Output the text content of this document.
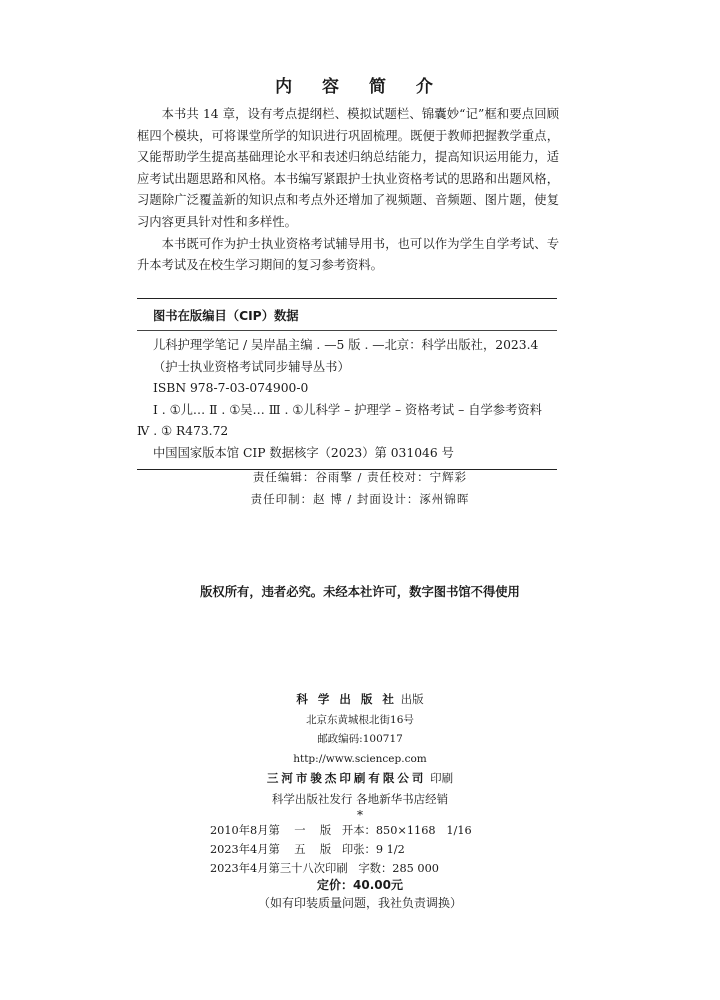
内 容 简 介

本书共 14 章，设有考点提纲栏、模拟试题栏、锦囊妙“记”框和要点回顾框四个模块，可将课堂所学的知识进行巩固梳理。既便于教师把握教学重点，又能帮助学生提高基础理论水平和表述归纳总结能力，提高知识运用能力，适应考试出题思路和风格。本书编写紧跟护士执业资格考试的思路和出题风格，习题除广泛覆盖新的知识点和考点外还增加了视频题、音频题、图片题，使复习内容更具针对性和多样性。

本书既可作为护士执业资格考试辅导用书，也可以作为学生自学考试、专升本考试及在校生学习期间的复习参考资料。

图书在版编目（CIP）数据
儿科护理学笔记 / 吴岸晶主编 . —5 版 . —北京：科学出版社，2023.4
（护士执业资格考试同步辅导丛书）
ISBN 978-7-03-074900-0
Ⅰ . ①儿… Ⅱ . ①吴… Ⅲ . ①儿科学 – 护理学 – 资格考试 – 自学参考资料 Ⅳ . ① R473.72
中国国家版本馆 CIP 数据核字（2023）第 031046 号
责任编辑：谷雨擎 / 责任校对：宁辉彩
责任印制：赵 博 / 封面设计：涿州锦晖
版权所有，违者必究。未经本社许可，数字图书馆不得使用
科 学 出 版 社 出版
北京东黄城根北街16号
邮政编码:100717
http://www.sciencep.com
三河市骏杰印刷有限公司 印刷
科学出版社发行 各地新华书店经销
*
2010年8月第    一    版   开本：850×1168   1/16
2023年4月第    五    版   印张：9 1/2
2023年4月第三十八次印刷   字数：285 000
定价：40.00元
（如有印装质量问题，我社负责调换）
